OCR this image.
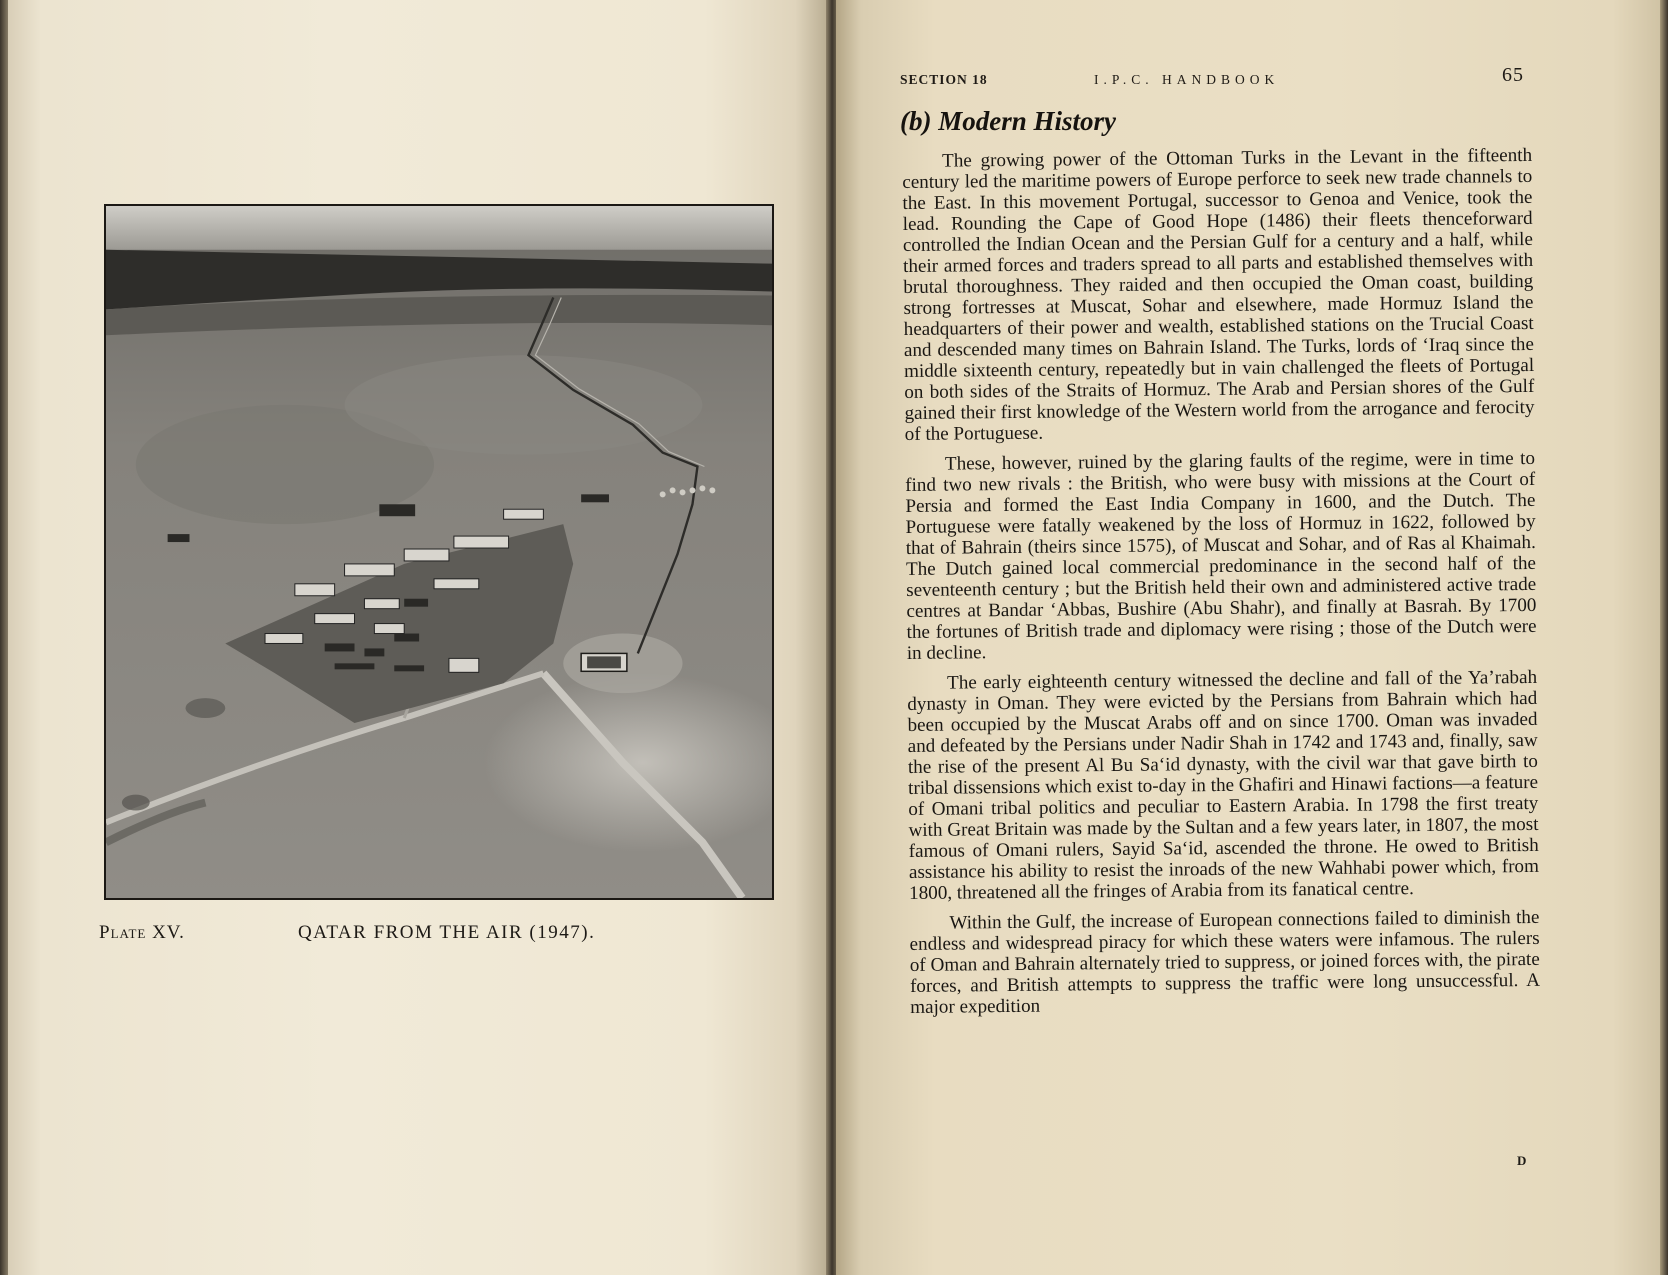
Plate XV.	QATAR FROM THE AIR (1947).
SECTION 18	I.P.C. HANDBOOK	65
(b) Modern History

The growing power of the Ottoman Turks in the Levant in the fifteenth century led the maritime powers of Europe perforce to seek new trade channels to the East. In this movement Portugal, successor to Genoa and Venice, took the lead. Rounding the Cape of Good Hope (1486) their fleets thenceforward controlled the Indian Ocean and the Persian Gulf for a century and a half, while their armed forces and traders spread to all parts and established themselves with brutal thoroughness. They raided and then occupied the Oman coast, building strong fortresses at Muscat, Sohar and elsewhere, made Hormuz Island the headquarters of their power and wealth, established stations on the Trucial Coast and descended many times on Bahrain Island. The Turks, lords of ‘Iraq since the middle sixteenth century, repeatedly but in vain challenged the fleets of Portugal on both sides of the Straits of Hormuz. The Arab and Persian shores of the Gulf gained their first knowledge of the Western world from the arrogance and ferocity of the Portuguese.

These, however, ruined by the glaring faults of the regime, were in time to find two new rivals : the British, who were busy with missions at the Court of Persia and formed the East India Company in 1600, and the Dutch. The Portuguese were fatally weakened by the loss of Hormuz in 1622, followed by that of Bahrain (theirs since 1575), of Muscat and Sohar, and of Ras al Khaimah. The Dutch gained local commercial predominance in the second half of the seventeenth century ; but the British held their own and administered active trade centres at Bandar ‘Abbas, Bushire (Abu Shahr), and finally at Basrah. By 1700 the fortunes of British trade and diplomacy were rising ; those of the Dutch were in decline.

The early eighteenth century witnessed the decline and fall of the Ya’rabah dynasty in Oman. They were evicted by the Persians from Bahrain which had been occupied by the Muscat Arabs off and on since 1700. Oman was invaded and defeated by the Persians under Nadir Shah in 1742 and 1743 and, finally, saw the rise of the present Al Bu Sa‘id dynasty, with the civil war that gave birth to tribal dissensions which exist to-day in the Ghafiri and Hinawi factions—a feature of Omani tribal politics and peculiar to Eastern Arabia. In 1798 the first treaty with Great Britain was made by the Sultan and a few years later, in 1807, the most famous of Omani rulers, Sayid Sa‘id, ascended the throne. He owed to British assistance his ability to resist the inroads of the new Wahhabi power which, from 1800, threatened all the fringes of Arabia from its fanatical centre.

Within the Gulf, the increase of European connections failed to diminish the endless and widespread piracy for which these waters were infamous. The rulers of Oman and Bahrain alternately tried to suppress, or joined forces with, the pirate forces, and British attempts to suppress the traffic were long unsuccessful. A major expedition

D
